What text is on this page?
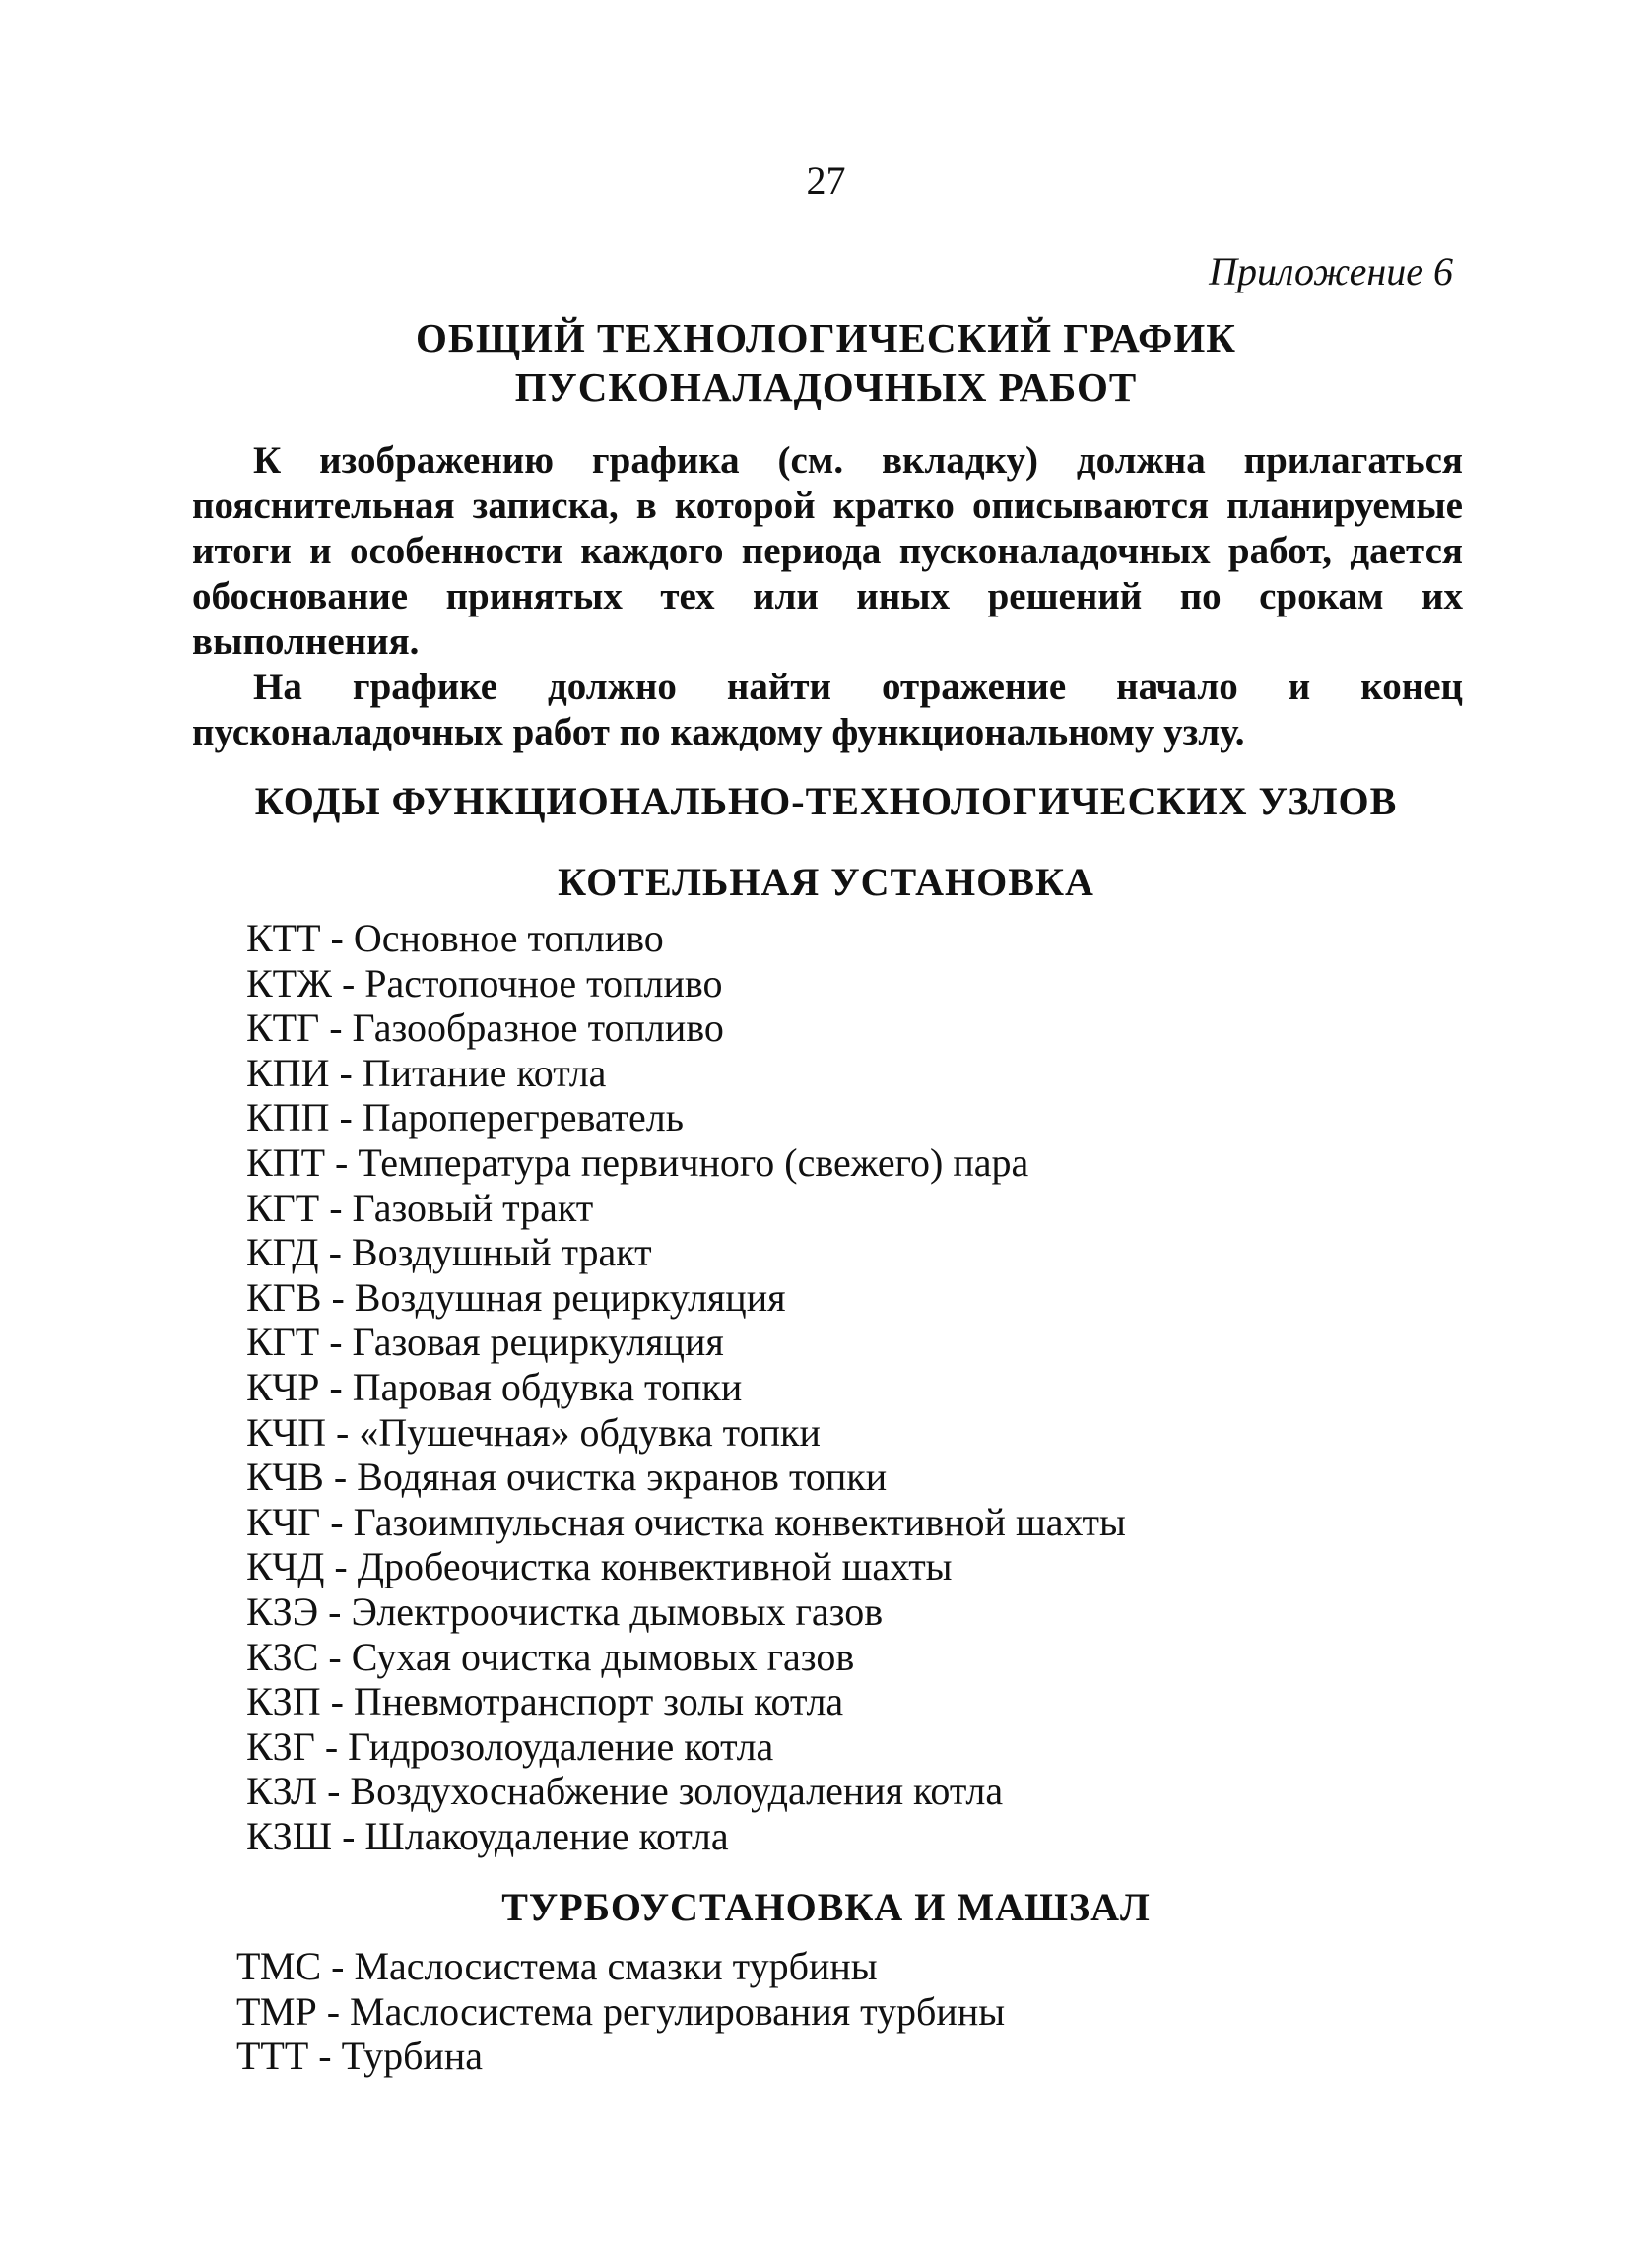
27
Приложение 6
ОБЩИЙ ТЕХНОЛОГИЧЕСКИЙ ГРАФИК
ПУСКОНАЛАДОЧНЫХ РАБОТ

К изображению графика (см. вкладку) должна прилагаться пояснительная записка, в которой кратко описываются планируемые итоги и особенности каждого периода пусконаладочных работ, дается обоснование принятых тех или иных решений по срокам их выполнения.

На графике должно найти отражение начало и конец пусконаладочных работ по каждому функциональному узлу.

КОДЫ ФУНКЦИОНАЛЬНО-ТЕХНОЛОГИЧЕСКИХ УЗЛОВ
КОТЕЛЬНАЯ УСТАНОВКА
КТТ - Основное топливо
КТЖ - Растопочное топливо
КТГ - Газообразное топливо
КПИ - Питание котла
КПП - Пароперегреватель
КПТ - Температура первичного (свежего) пара
КГТ - Газовый тракт
КГД - Воздушный тракт
КГВ - Воздушная рециркуляция
КГТ - Газовая рециркуляция
КЧР - Паровая обдувка топки
КЧП - «Пушечная» обдувка топки
КЧВ - Водяная очистка экранов топки
КЧГ - Газоимпульсная очистка конвективной шахты
КЧД - Дробеочистка конвективной шахты
КЗЭ - Электроочистка дымовых газов
КЗС - Сухая очистка дымовых газов
КЗП - Пневмотранспорт золы котла
КЗГ - Гидрозолоудаление котла
КЗЛ - Воздухоснабжение золоудаления котла
КЗШ - Шлакоудаление котла
ТУРБОУСТАНОВКА И МАШЗАЛ
ТМС - Маслосистема смазки турбины
ТМР - Маслосистема регулирования турбины
ТТТ - Турбина
